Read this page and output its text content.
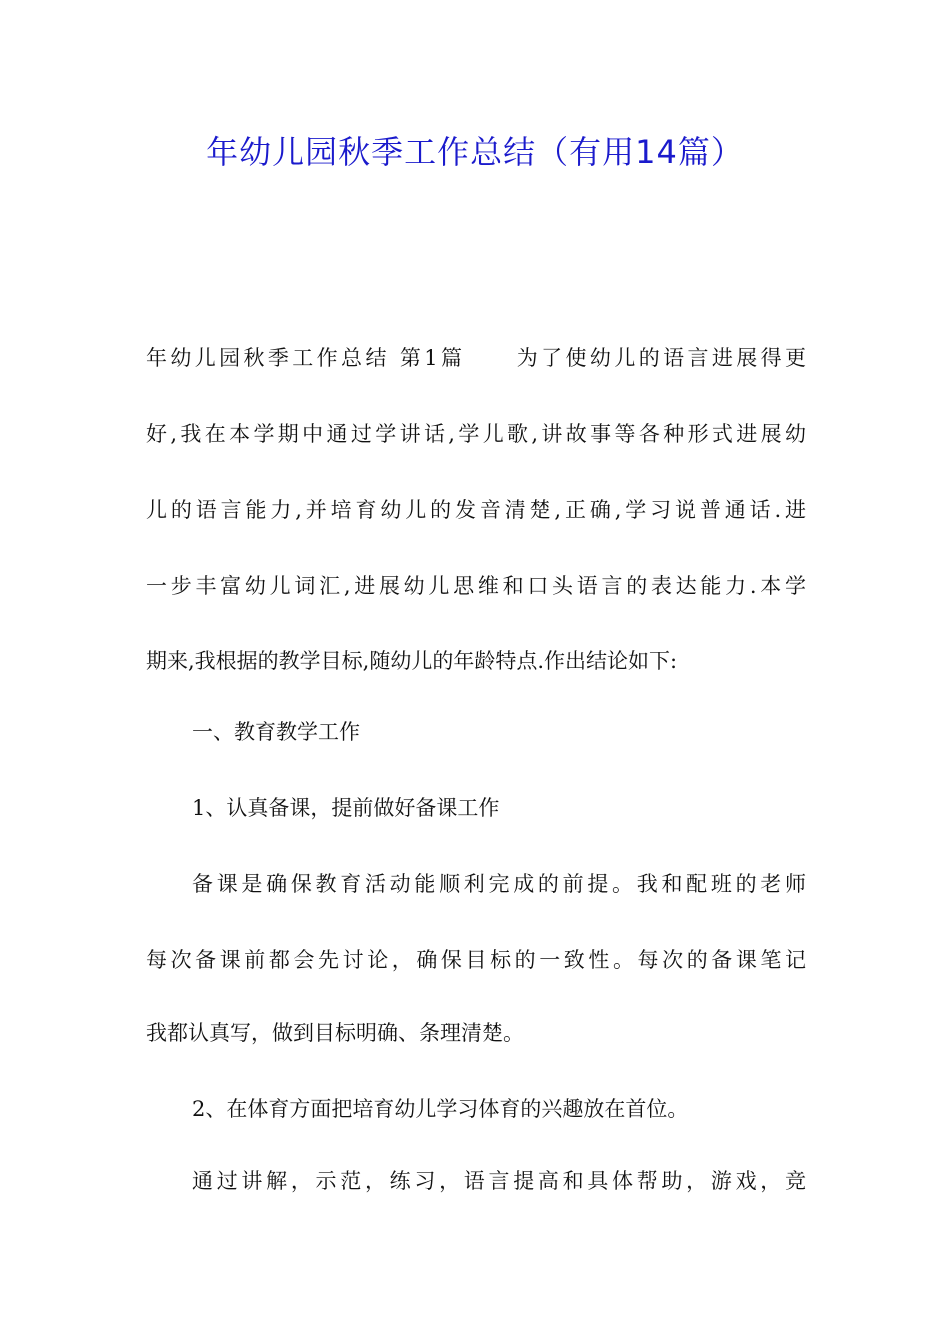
年幼儿园秋季工作总结（有用14篇）

年幼儿园秋季工作总结 第1篇 为了使幼儿的语言进展得更

好,我在本学期中通过学讲话,学儿歌,讲故事等各种形式进展幼

儿的语言能力,并培育幼儿的发音清楚,正确,学习说普通话.进

一步丰富幼儿词汇,进展幼儿思维和口头语言的表达能力.本学

期来,我根据的教学目标,随幼儿的年龄特点.作出结论如下:

一、教育教学工作

1、认真备课，提前做好备课工作

备课是确保教育活动能顺利完成的前提。我和配班的老师

每次备课前都会先讨论，确保目标的一致性。每次的备课笔记

我都认真写，做到目标明确、条理清楚。

2、在体育方面把培育幼儿学习体育的兴趣放在首位。

通过讲解，示范，练习，语言提高和具体帮助，游戏，竞
